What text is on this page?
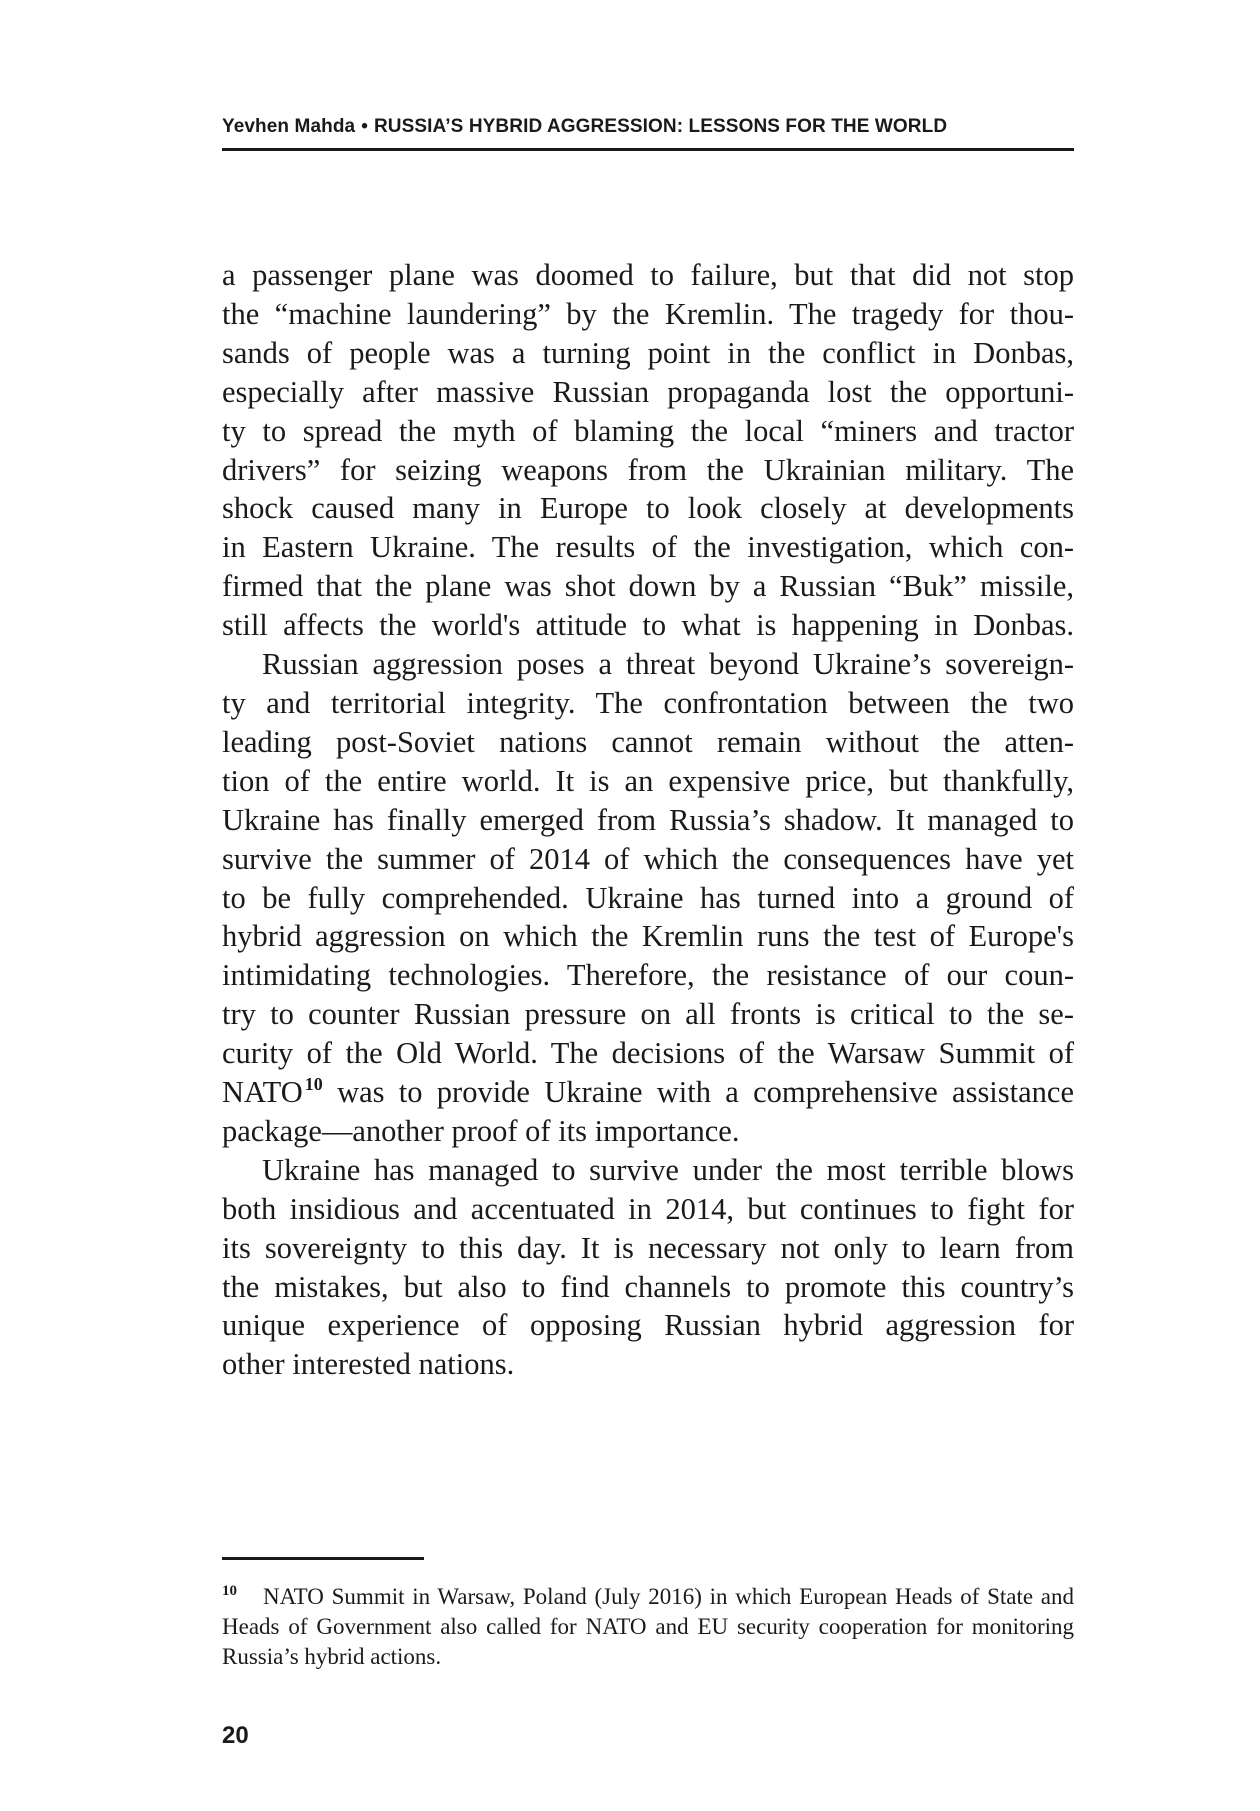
Yevhen Mahda • RUSSIA’S HYBRID AGGRESSION: LESSONS FOR THE WORLD

a passenger plane was doomed to failure, but that did not stop
the “machine laundering” by the Kremlin. The tragedy for thou-
sands of people was a turning point in the conflict in Donbas,
especially after massive Russian propaganda lost the opportuni-
ty to spread the myth of blaming the local “miners and tractor
drivers” for seizing weapons from the Ukrainian military. The
shock caused many in Europe to look closely at developments
in Eastern Ukraine. The results of the investigation, which con-
firmed that the plane was shot down by a Russian “Buk” missile,
still affects the world's attitude to what is happening in Donbas.

Russian aggression poses a threat beyond Ukraine’s sovereign-
ty and territorial integrity. The confrontation between the two
leading post-Soviet nations cannot remain without the atten-
tion of the entire world. It is an expensive price, but thankfully,
Ukraine has finally emerged from Russia’s shadow. It managed to
survive the summer of 2014 of which the consequences have yet
to be fully comprehended. Ukraine has turned into a ground of
hybrid aggression on which the Kremlin runs the test of Europe's
intimidating technologies. Therefore, the resistance of our coun-
try to counter Russian pressure on all fronts is critical to the se-
curity of the Old World. The decisions of the Warsaw Summit of
NATO $^{10}$ was to provide Ukraine with a comprehensive assistance
package—another proof of its importance.

Ukraine has managed to survive under the most terrible blows
both insidious and accentuated in 2014, but continues to fight for
its sovereignty to this day. It is necessary not only to learn from
the mistakes, but also to find channels to promote this country’s
unique experience of opposing Russian hybrid aggression for
other interested nations.

$^{10}$ NATO Summit in Warsaw, Poland (July 2016) in which European Heads of State and Heads of Government also called for NATO and EU security cooperation for monitoring Russia’s hybrid actions.

20
